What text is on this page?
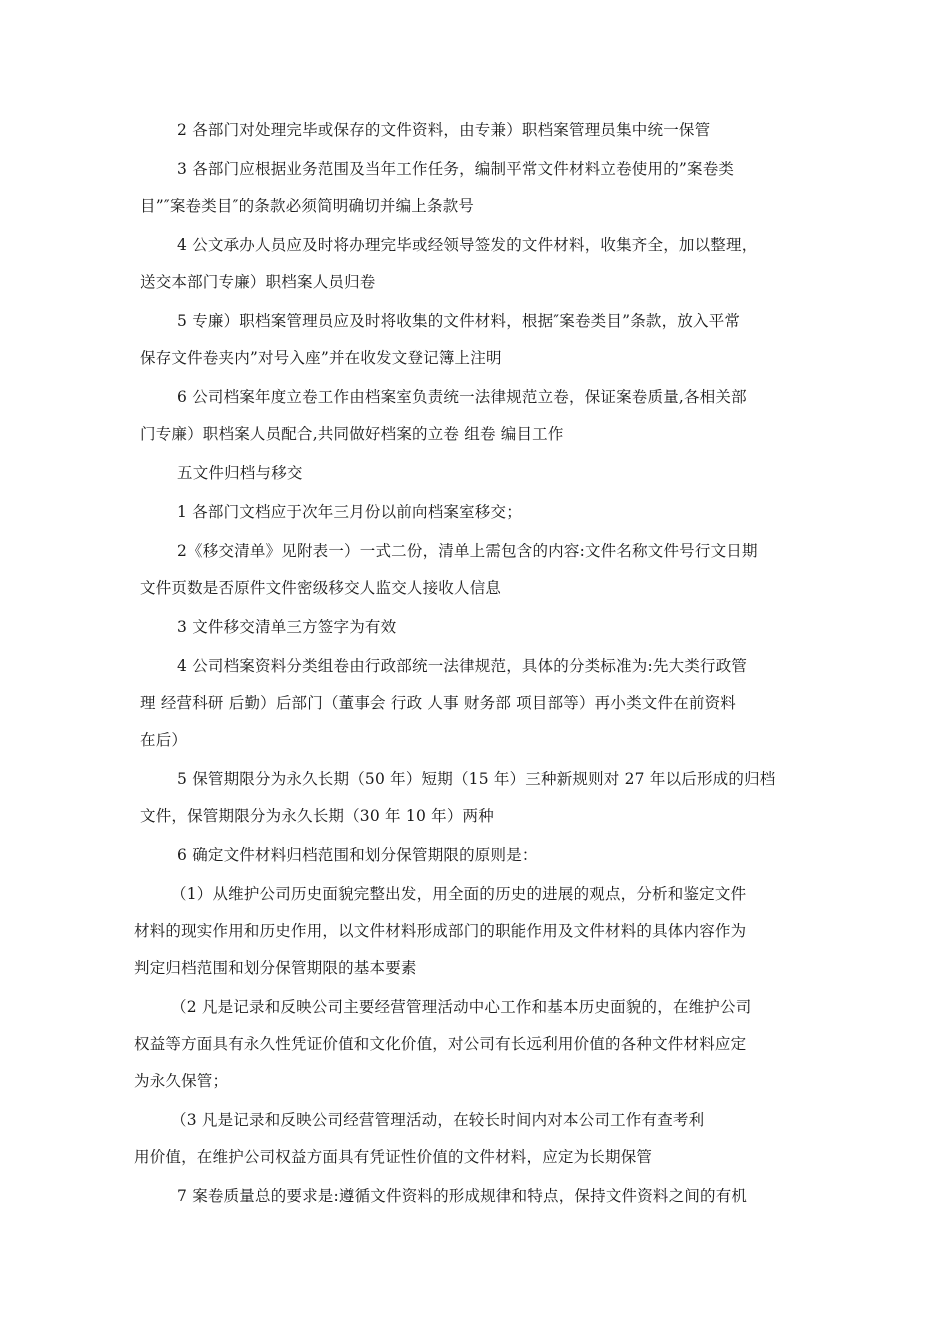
2 各部门对处理完毕或保存的文件资料，由专兼）职档案管理员集中统一保管

3 各部门应根据业务范围及当年工作任务，编制平常文件材料立卷使用的”案卷类
目”″案卷类目″的条款必须简明确切并编上条款号

4 公文承办人员应及时将办理完毕或经领导签发的文件材料，收集齐全，加以整理，
送交本部门专廉）职档案人员归卷

5 专廉）职档案管理员应及时将收集的文件材料，根据″案卷类目”条款，放入平常
保存文件卷夹内”对号入座”并在收发文登记簿上注明

6 公司档案年度立卷工作由档案室负责统一法律规范立卷，保证案卷质量,各相关部
门专廉）职档案人员配合,共同做好档案的立卷 组卷 编目工作

五文件归档与移交

1 各部门文档应于次年三月份以前向档案室移交；

2《移交清单》见附表一）一式二份，清单上需包含的内容:文件名称文件号行文日期
文件页数是否原件文件密级移交人监交人接收人信息

3 文件移交清单三方签字为有效

4 公司档案资料分类组卷由行政部统一法律规范，具体的分类标准为:先大类行政管
理 经营科研 后勤）后部门（董事会 行政 人事 财务部 项目部等）再小类文件在前资料
在后）

5 保管期限分为永久长期（50 年）短期（15 年）三种新规则对 27 年以后形成的归档
文件，保管期限分为永久长期（30 年 10 年）两种

6 确定文件材料归档范围和划分保管期限的原则是：

（1）从维护公司历史面貌完整出发，用全面的历史的进展的观点，分析和鉴定文件
材料的现实作用和历史作用，以文件材料形成部门的职能作用及文件材料的具体内容作为
判定归档范围和划分保管期限的基本要素

（2 凡是记录和反映公司主要经营管理活动中心工作和基本历史面貌的，在维护公司
权益等方面具有永久性凭证价值和文化价值，对公司有长远利用价值的各种文件材料应定
为永久保管；

（3 凡是记录和反映公司经营管理活动，在较长时间内对本公司工作有查考利
用价值，在维护公司权益方面具有凭证性价值的文件材料，应定为长期保管

7 案卷质量总的要求是:遵循文件资料的形成规律和特点，保持文件资料之间的有机
